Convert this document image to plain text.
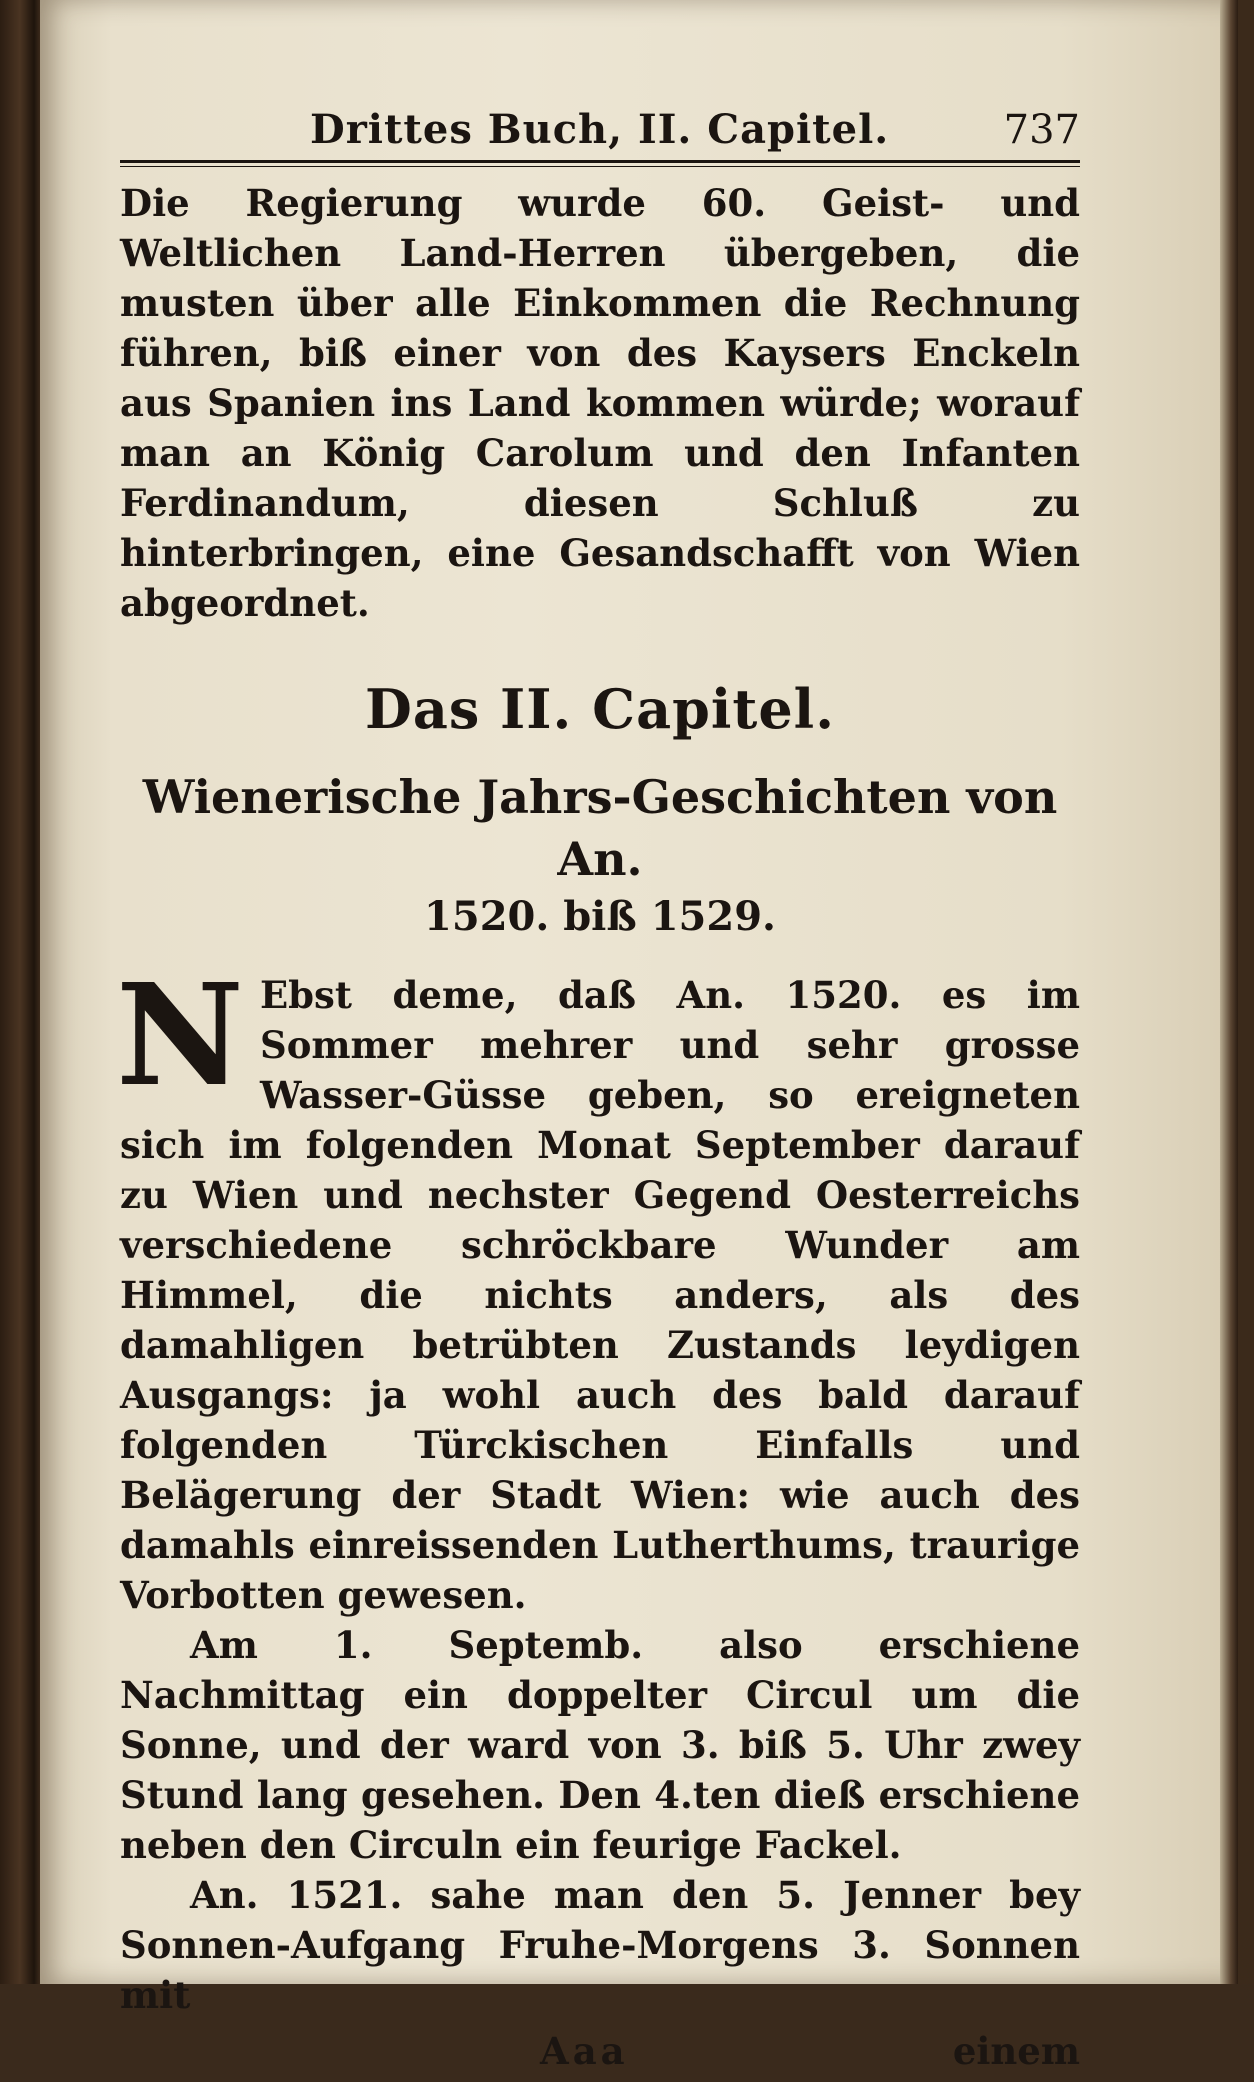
Drittes Buch, II. Capitel.	737

Die Regierung wurde 60. Geist- und Weltlichen Land-Herren übergeben, die musten über alle Einkommen die Rechnung führen, biß einer von des Kaysers Enckeln aus Spanien ins Land kommen würde; worauf man an König Carolum und den Infanten Ferdinandum, diesen Schluß zu hinterbringen, eine Gesandschafft von Wien abgeordnet.

Das II. Capitel.

Wienerische Jahrs-Geschichten von An.

1520. biß 1529.

N Ebst deme, daß An. 1520. es im Sommer mehrer und sehr grosse Wasser-Güsse geben, so ereigneten sich im folgenden Monat September darauf zu Wien und nechster Gegend Oesterreichs verschiedene schröckbare Wunder am Himmel, die nichts anders, als des damahligen betrübten Zustands leydigen Ausgangs: ja wohl auch des bald darauf folgenden Türckischen Einfalls und Belägerung der Stadt Wien: wie auch des damahls einreissenden Lutherthums, traurige Vorbotten gewesen.

Am 1. Septemb. also erschiene Nachmittag ein doppelter Circul um die Sonne, und der ward von 3. biß 5. Uhr zwey Stund lang gesehen. Den 4.ten dieß erschiene neben den Circuln ein feurige Fackel.

An. 1521. sahe man den 5. Jenner bey Sonnen-Aufgang Fruhe-Morgens 3. Sonnen mit

Aaa	einem
